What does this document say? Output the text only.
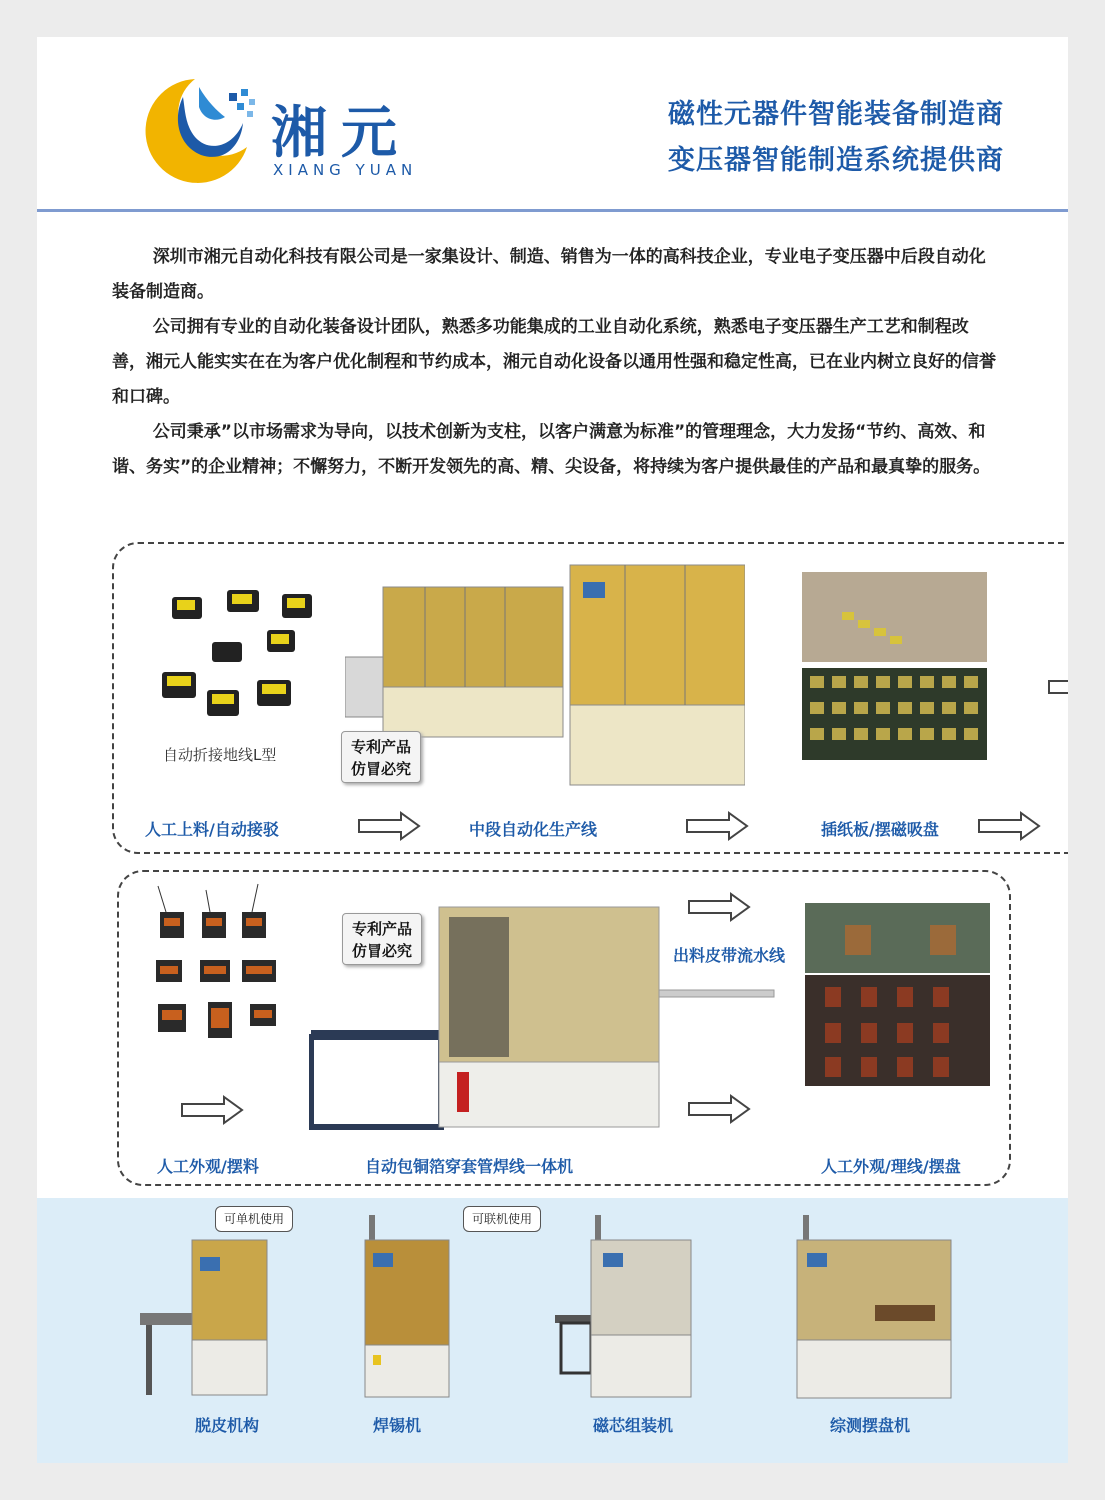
湘元
XIANG YUAN
磁性元器件智能装备制造商
变压器智能制造系统提供商

深圳市湘元自动化科技有限公司是一家集设计、制造、销售为一体的高科技企业，专业电子变压器中后段自动化装备制造商。

公司拥有专业的自动化装备设计团队，熟悉多功能集成的工业自动化系统，熟悉电子变压器生产工艺和制程改善，湘元人能实实在在为客户优化制程和节约成本，湘元自动化设备以通用性强和稳定性高，已在业内树立良好的信誉和口碑。

公司秉承”以市场需求为导向，以技术创新为支柱，以客户满意为标准”的管理理念，大力发扬“节约、高效、和谐、务实”的企业精神；不懈努力，不断开发领先的高、精、尖设备，将持续为客户提供最佳的产品和最真挚的服务。

自动折接地线L型	专利产品
仿冒必究
人工上料/自动接驳	中段自动化生产线	插纸板/摆磁吸盘
专利产品
仿冒必究	出料皮带流水线
人工外观/摆料	自动包铜箔穿套管焊线一体机	人工外观/理线/摆盘
可单机使用	可联机使用
脱皮机构	焊锡机	磁芯组装机	综测摆盘机
